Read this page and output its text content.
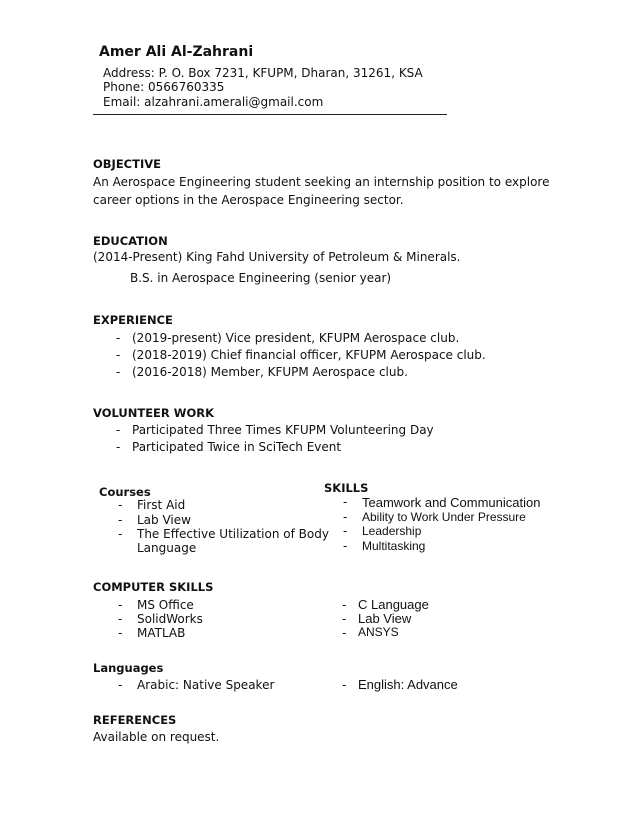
Amer Ali Al-Zahrani
Address: P. O. Box 7231, KFUPM, Dharan, 31261, KSA
Phone: 0566760335
Email: alzahrani.amerali@gmail.com
OBJECTIVE
An Aerospace Engineering student seeking an internship position to explore
career options in the Aerospace Engineering sector.
EDUCATION
(2014-Present) King Fahd University of Petroleum & Minerals.
B.S. in Aerospace Engineering (senior year)
EXPERIENCE
- (2019-present) Vice president, KFUPM Aerospace club.
- (2018-2019) Chief financial officer, KFUPM Aerospace club.
- (2016-2018) Member, KFUPM Aerospace club.
VOLUNTEER WORK
- Participated Three Times KFUPM Volunteering Day
- Participated Twice in SciTech Event
Courses
- First Aid
- Lab View
- The Effective Utilization of Body
Language
SKILLS
- Teamwork and Communication
- Ability to Work Under Pressure
- Leadership
- Multitasking
COMPUTER SKILLS
- MS Office
- SolidWorks
- MATLAB
- C Language
- Lab View
- ANSYS
Languages
- Arabic: Native Speaker	- English: Advance
REFERENCES
Available on request.
